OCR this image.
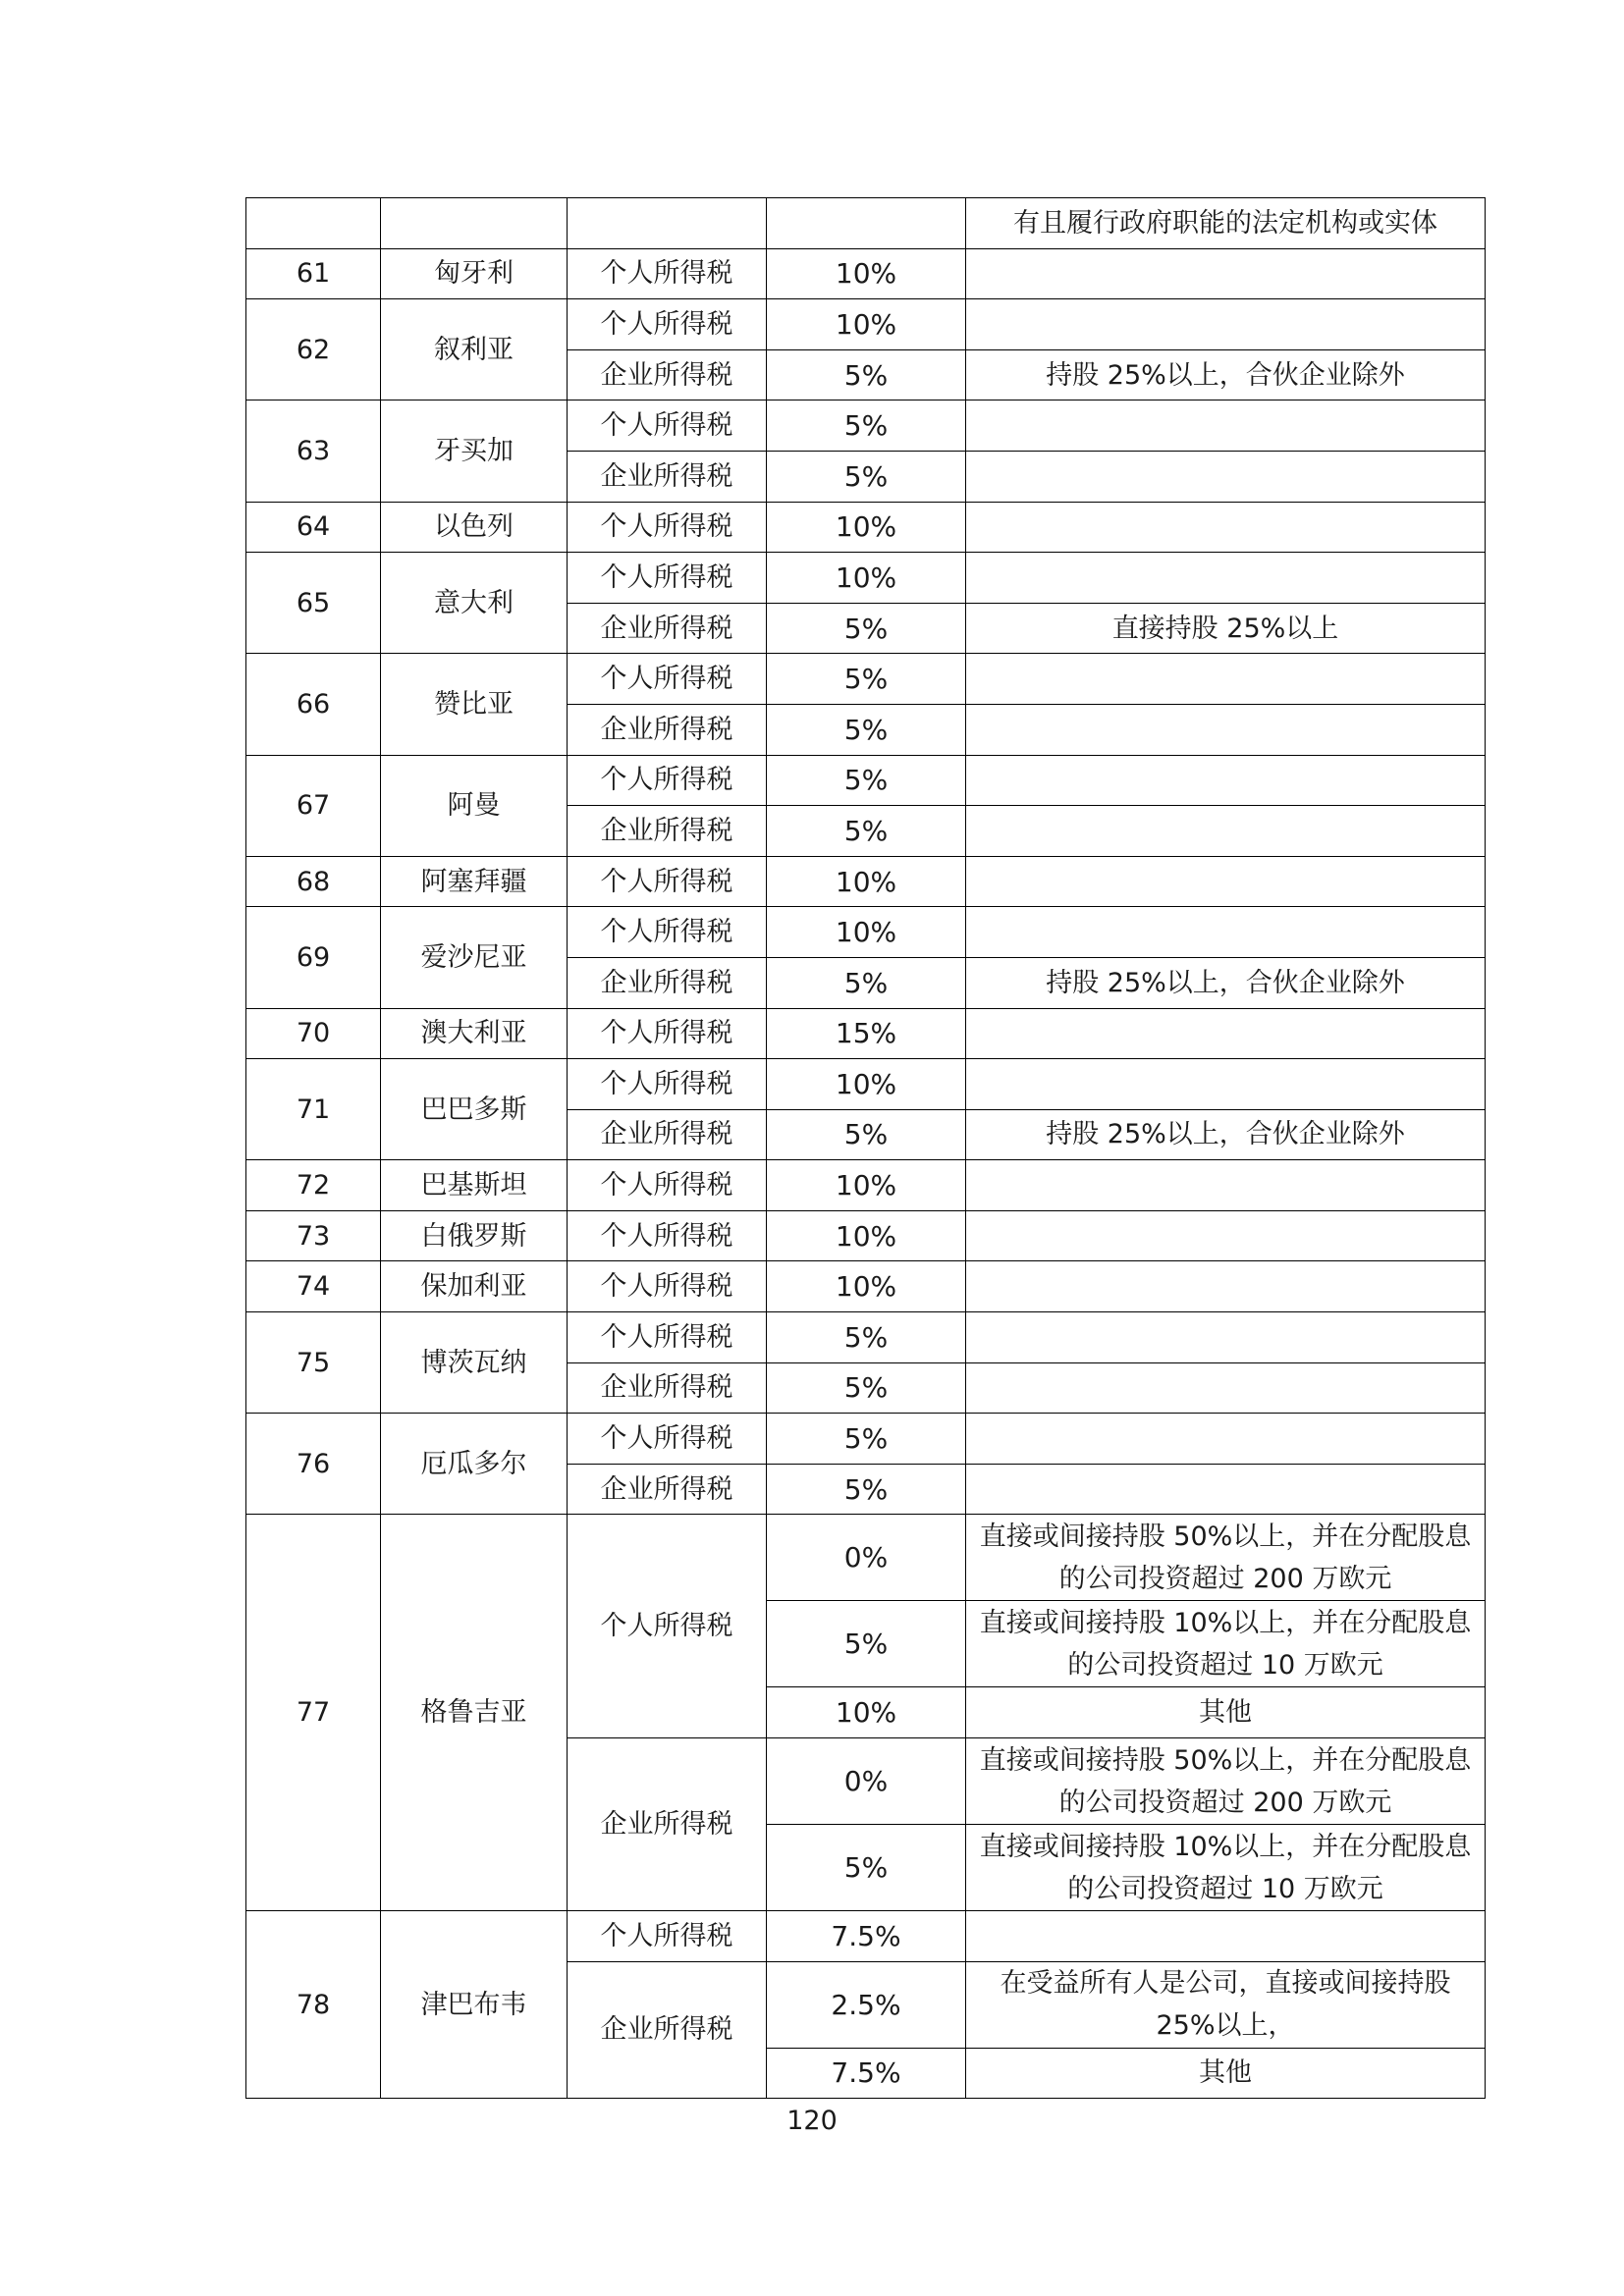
				有且履行政府职能的法定机构或实体
61	匈牙利	个人所得税	10%	
62	叙利亚	个人所得税	10%	
		企业所得税	5%	持股 25%以上，合伙企业除外
63	牙买加	个人所得税	5%	
		企业所得税	5%	
64	以色列	个人所得税	10%	
65	意大利	个人所得税	10%	
		企业所得税	5%	直接持股 25%以上
66	赞比亚	个人所得税	5%	
		企业所得税	5%	
67	阿曼	个人所得税	5%	
		企业所得税	5%	
68	阿塞拜疆	个人所得税	10%	
69	爱沙尼亚	个人所得税	10%	
		企业所得税	5%	持股 25%以上，合伙企业除外
70	澳大利亚	个人所得税	15%	
71	巴巴多斯	个人所得税	10%	
		企业所得税	5%	持股 25%以上，合伙企业除外
72	巴基斯坦	个人所得税	10%	
73	白俄罗斯	个人所得税	10%	
74	保加利亚	个人所得税	10%	
75	博茨瓦纳	个人所得税	5%	
		企业所得税	5%	
76	厄瓜多尔	个人所得税	5%	
		企业所得税	5%	
77	格鲁吉亚	个人所得税	0%	直接或间接持股 50%以上，并在分配股息的公司投资超过 200 万欧元
			5%	直接或间接持股 10%以上，并在分配股息的公司投资超过 10 万欧元
			10%	其他
		企业所得税	0%	直接或间接持股 50%以上，并在分配股息的公司投资超过 200 万欧元
			5%	直接或间接持股 10%以上，并在分配股息的公司投资超过 10 万欧元
78	津巴布韦	个人所得税	7.5%	
		企业所得税	2.5%	在受益所有人是公司，直接或间接持股25%以上，
			7.5%	其他
120
